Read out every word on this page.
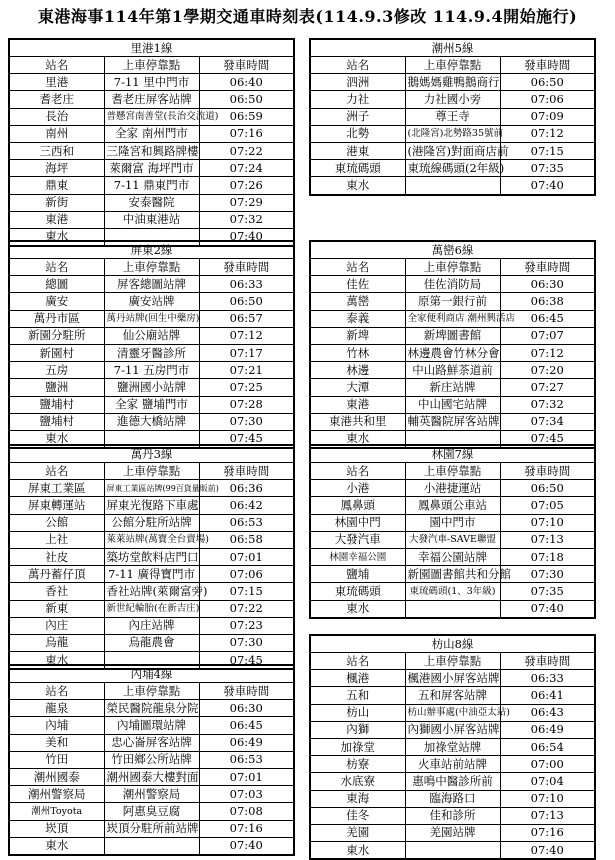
東港海事114年第1學期交通車時刻表(114.9.3修改 114.9.4開始施行)
里港1線		
站名	上車停靠點	發車時間
里港	7-11 里中門市	06:40
耆老庄	耆老庄屏客站牌	06:50
長治	普懸宮南善堂(長治交流道)	06:59
南州	全家 南州門市	07:16
三西和	三隆宮和興路牌樓	07:22
海坪	萊爾富 海坪門市	07:24
鼎東	7-11 鼎東門市	07:26
新街	安泰醫院	07:29
東港	中油東港站	07:32
東水		07:40
屏東2線		
站名	上車停靠點	發車時間
總圖	屏客總圖站牌	06:33
廣安	廣安站牌	06:50
萬丹市區	萬丹站牌(回生中藥房)	06:57
新園分駐所	仙公廟站牌	07:12
新園村	清靈牙醫診所	07:17
五房	7-11 五房門市	07:21
鹽洲	鹽洲國小站牌	07:25
鹽埔村	全家 鹽埔門市	07:28
鹽埔村	進德大橋站牌	07:30
東水		07:45
萬丹3線		
站名	上車停靠點	發車時間
屏東工業區	屏東工業區站牌(99百貨量販前)	06:36
屏東轉運站	屏東光復路下車處	06:42
公館	公館分駐所站牌	06:53
上社	萊萊站牌(萬寶全台賣場)	06:58
社皮	築坊堂飲料店門口	07:01
萬丹蓄仔頂	7-11 廣得寶門市	07:06
香社	香社站牌(萊爾富旁)	07:15
新東	新世紀輪胎(在新吉庄)	07:22
內庄	內庄站牌	07:23
烏龍	烏龍農會	07:30
東水		07:45
內埔4線		
站名	上車停靠點	發車時間
龍泉	榮民醫院龍泉分院	06:30
內埔	內埔圖環站牌	06:45
美和	忠心崙屏客站牌	06:49
竹田	竹田鄉公所站牌	06:53
潮州國泰	潮州國泰大樓對面	07:01
潮州警察局	潮州警察局	07:03
潮州Toyota	阿惠臭豆腐	07:08
崁頂	崁頂分駐所前站牌	07:16
東水		07:40
潮州5線		
站名	上車停靠點	發車時間
泗洲	鵝媽媽雞鴨鵝商行	06:50
力社	力社國小旁	07:06
洲子	尊王寺	07:09
北勢	(北隆宮)北勢路35號前	07:12
港東	(港隆宮)對面商店前	07:15
東琉碼頭	東琉線碼頭(2年級)	07:35
東水		07:40
萬巒6線		
站名	上車停靠點	發車時間
佳佐	佳佐消防局	06:30
萬巒	原第一銀行前	06:38
泰義	全家便利商店 潮州興活店	06:45
新埤	新埤圖書館	07:07
竹林	林邊農會竹林分會	07:12
林邊	中山路鮮茶道前	07:20
大潭	新庄站牌	07:27
東港	中山國宅站牌	07:32
東港共和里	輔英醫院屏客站牌	07:34
東水		07:45
林園7線		
站名	上車停靠點	發車時間
小港	小港捷運站	06:50
鳳鼻頭	鳳鼻頭公車站	07:05
林園中門	園中門市	07:10
大發汽車	大發汽車-SAVE聯盟	07:13
林園幸福公園	幸福公園站牌	07:18
鹽埔	新園圖書館共和分館	07:30
東琉碼頭	東琉碼頭(1、3年級)	07:35
東水		07:40
枋山8線		
站名	上車停靠點	發車時間
楓港	楓港國小屏客站牌	06:33
五和	五和屏客站牌	06:41
枋山	枋山辦事處(中油亞太站)	06:43
內獅	內獅國小屏客站牌	06:49
加祿堂	加祿堂站牌	06:54
枋寮	火車站前站牌	07:00
水底寮	惠鳴中醫診所前	07:04
東海	臨海路口	07:10
佳冬	佳和診所	07:13
羌園	羌園站牌	07:16
東水		07:40
